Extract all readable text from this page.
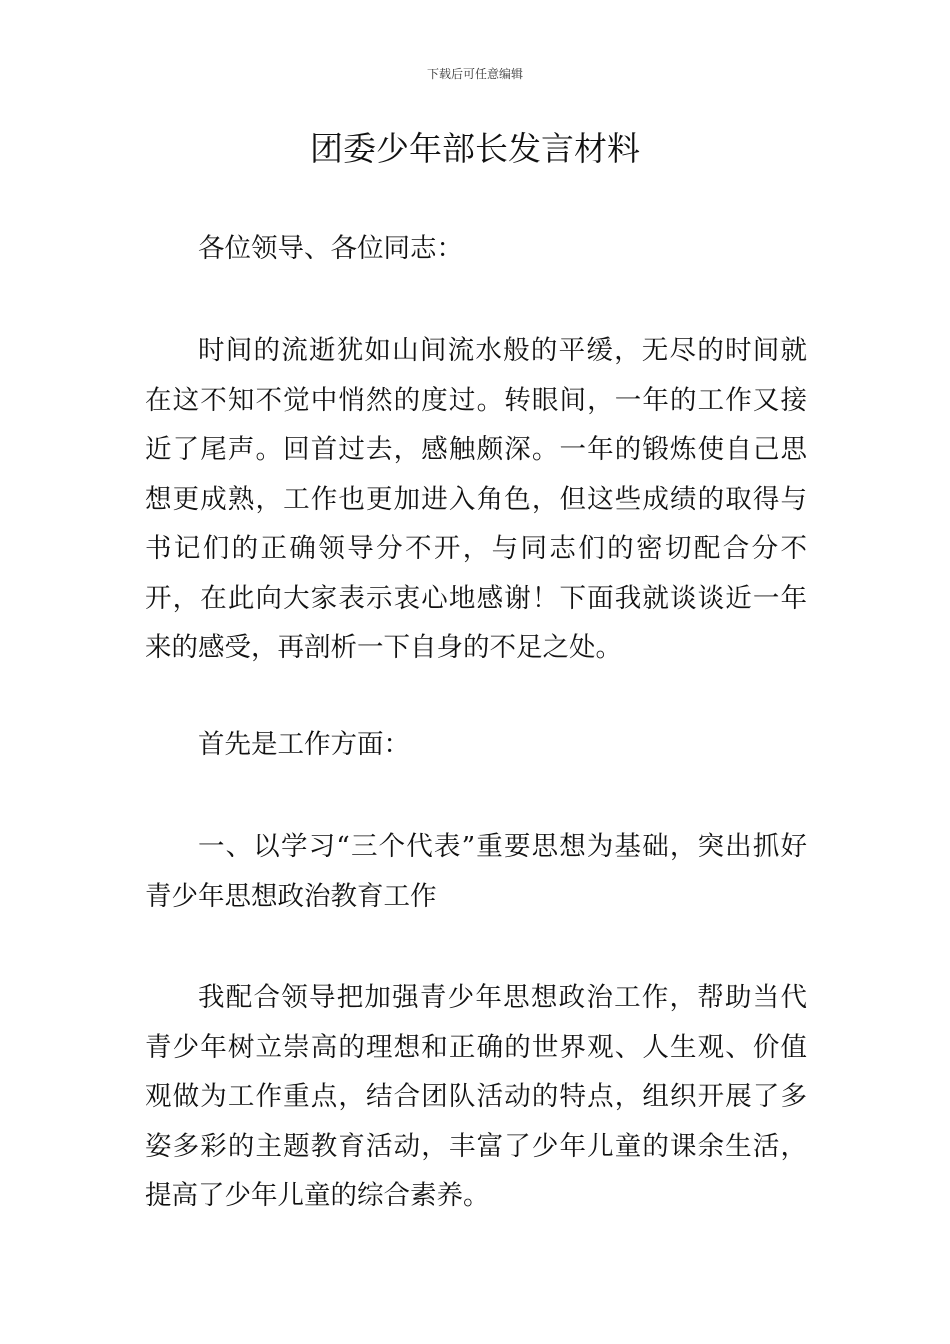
下载后可任意编辑
团委少年部长发言材料

各位领导、各位同志：

时间的流逝犹如山间流水般的平缓，无尽的时间就在这不知不觉中悄然的度过。转眼间，一年的工作又接近了尾声。回首过去，感触颇深。一年的锻炼使自己思想更成熟，工作也更加进入角色，但这些成绩的取得与书记们的正确领导分不开，与同志们的密切配合分不开，在此向大家表示衷心地感谢！下面我就谈谈近一年来的感受，再剖析一下自身的不足之处。

首先是工作方面：

一、以学习“三个代表”重要思想为基础，突出抓好青少年思想政治教育工作

我配合领导把加强青少年思想政治工作，帮助当代青少年树立崇高的理想和正确的世界观、人生观、价值观做为工作重点，结合团队活动的特点，组织开展了多姿多彩的主题教育活动，丰富了少年儿童的课余生活，提高了少年儿童的综合素养。
